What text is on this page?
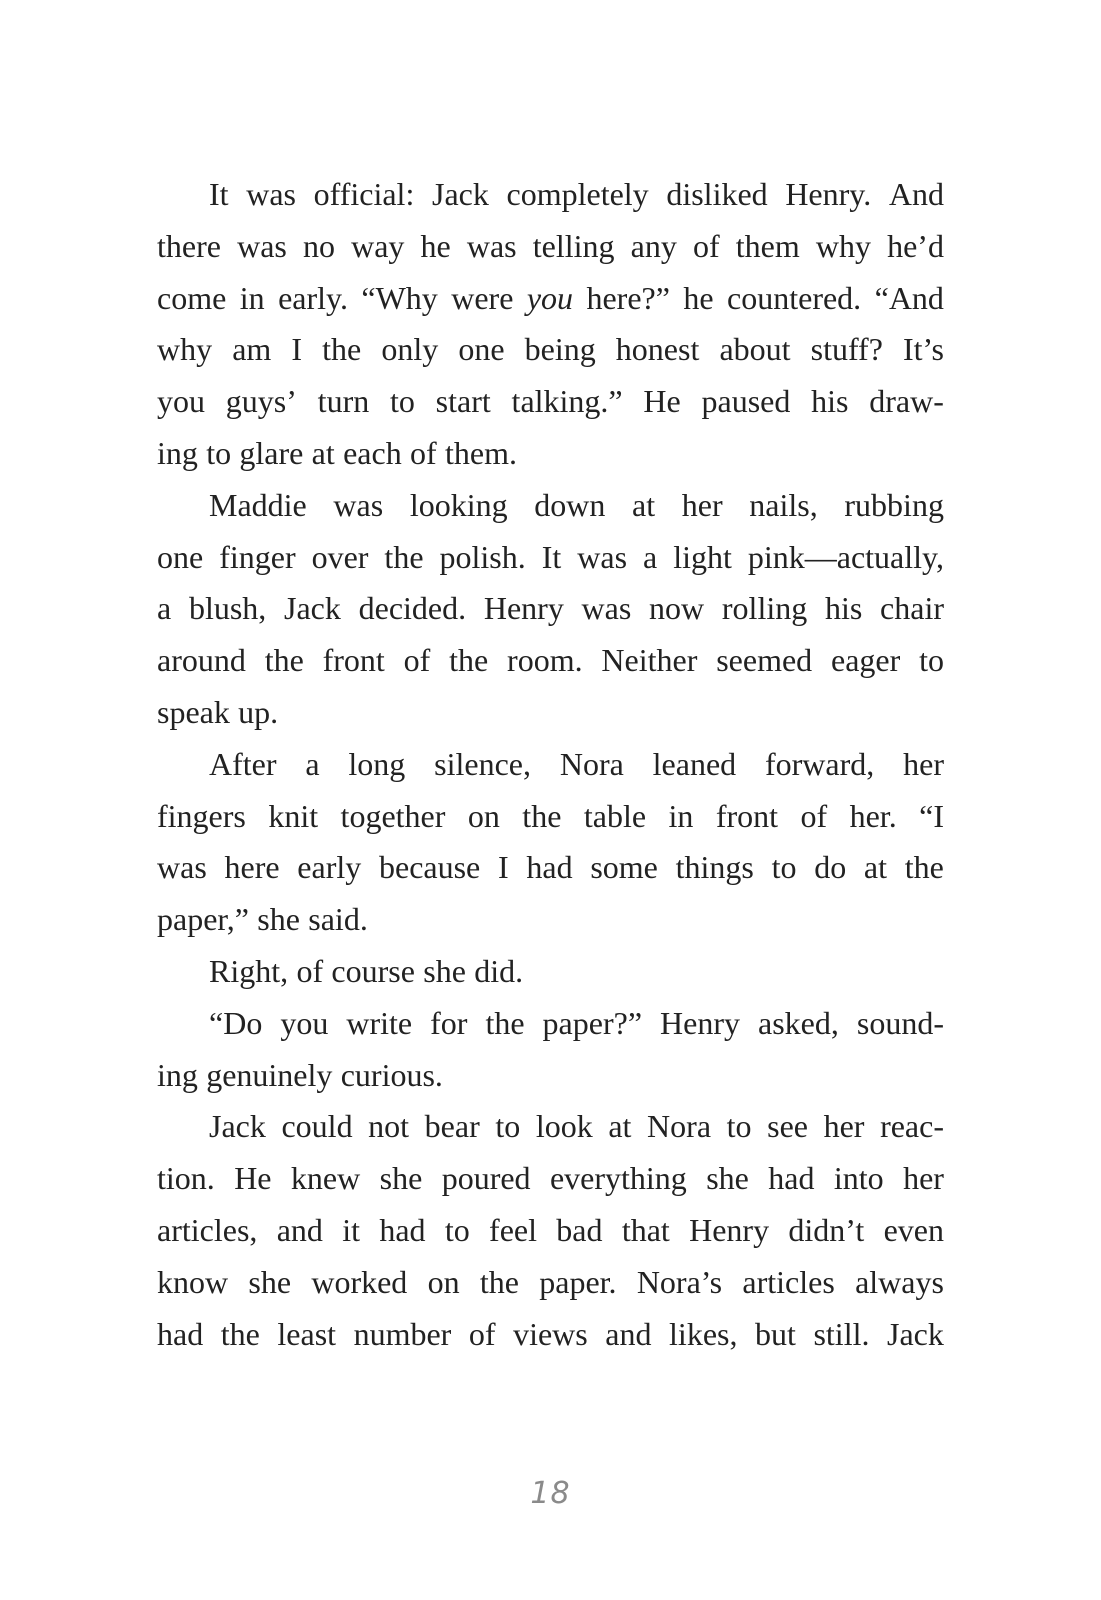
It was official: Jack completely disliked Henry. And
there was no way he was telling any of them why he’d
come in early. “Why were you here?” he countered. “And
why am I the only one being honest about stuff? It’s
you guys’ turn to start talking.” He paused his draw-
ing to glare at each of them.
Maddie was looking down at her nails, rubbing
one finger over the polish. It was a light pink—actually,
a blush, Jack decided. Henry was now rolling his chair
around the front of the room. Neither seemed eager to
speak up.
After a long silence, Nora leaned forward, her
fingers knit together on the table in front of her. “I
was here early because I had some things to do at the
paper,” she said.
Right, of course she did.
“Do you write for the paper?” Henry asked, sound-
ing genuinely curious.
Jack could not bear to look at Nora to see her reac-
tion. He knew she poured everything she had into her
articles, and it had to feel bad that Henry didn’t even
know she worked on the paper. Nora’s articles always
had the least number of views and likes, but still. Jack
18
